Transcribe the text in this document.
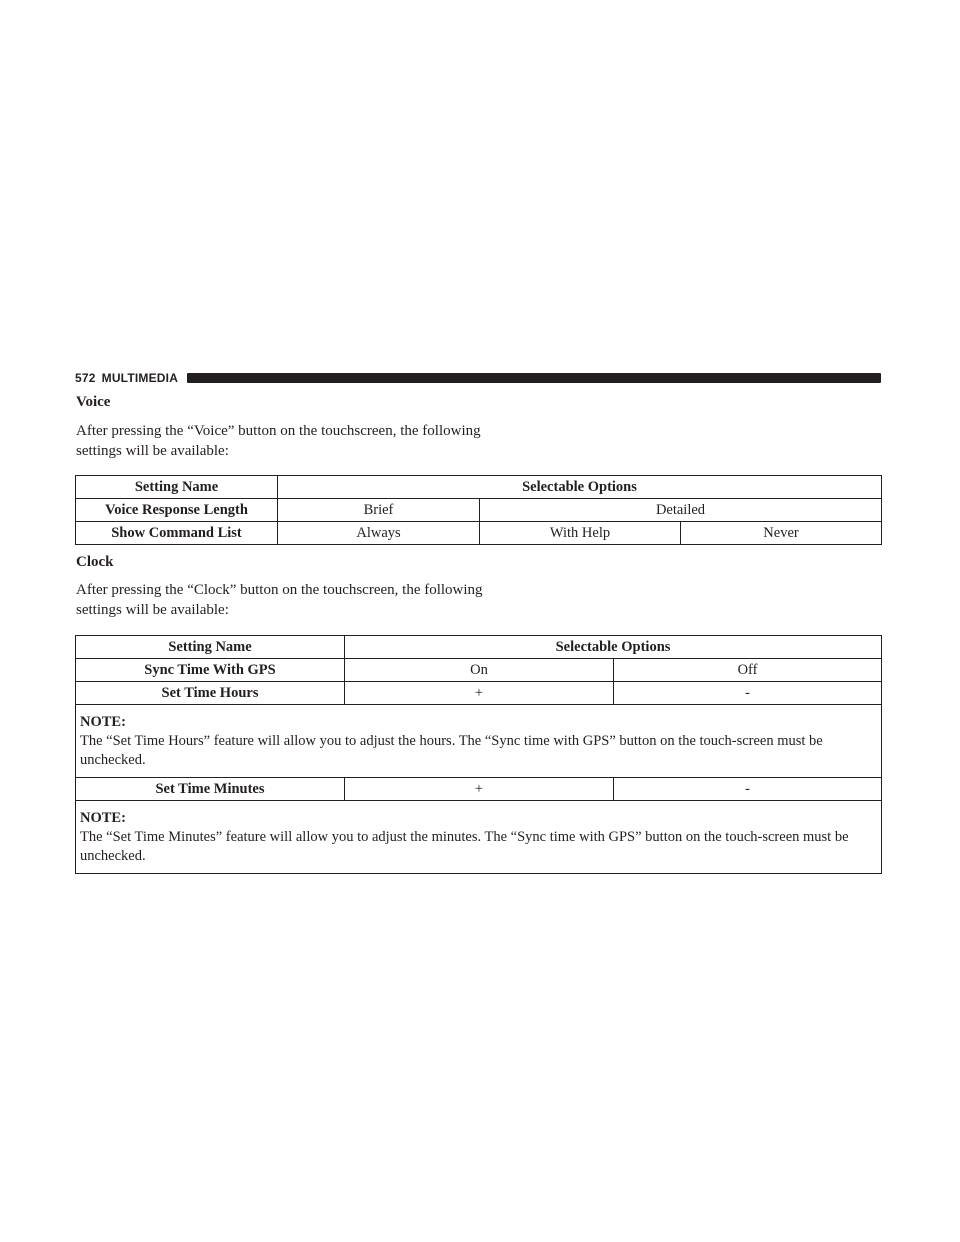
572 MULTIMEDIA
Voice

After pressing the “Voice” button on the touchscreen, the following settings will be available:

Setting Name	Selectable Options		
Voice Response Length	Brief	Detailed	
Show Command List	Always	With Help	Never
Clock

After pressing the “Clock” button on the touchscreen, the following settings will be available:

Setting Name	Selectable Options	
Sync Time With GPS	On	Off
Set Time Hours	+	-

NOTE:
The “Set Time Hours” feature will allow you to adjust the hours. The “Sync time with GPS” button on the touch-screen must be unchecked.		
Set Time Minutes	+	-

NOTE:
The “Set Time Minutes” feature will allow you to adjust the minutes. The “Sync time with GPS” button on the touch-screen must be unchecked.		
